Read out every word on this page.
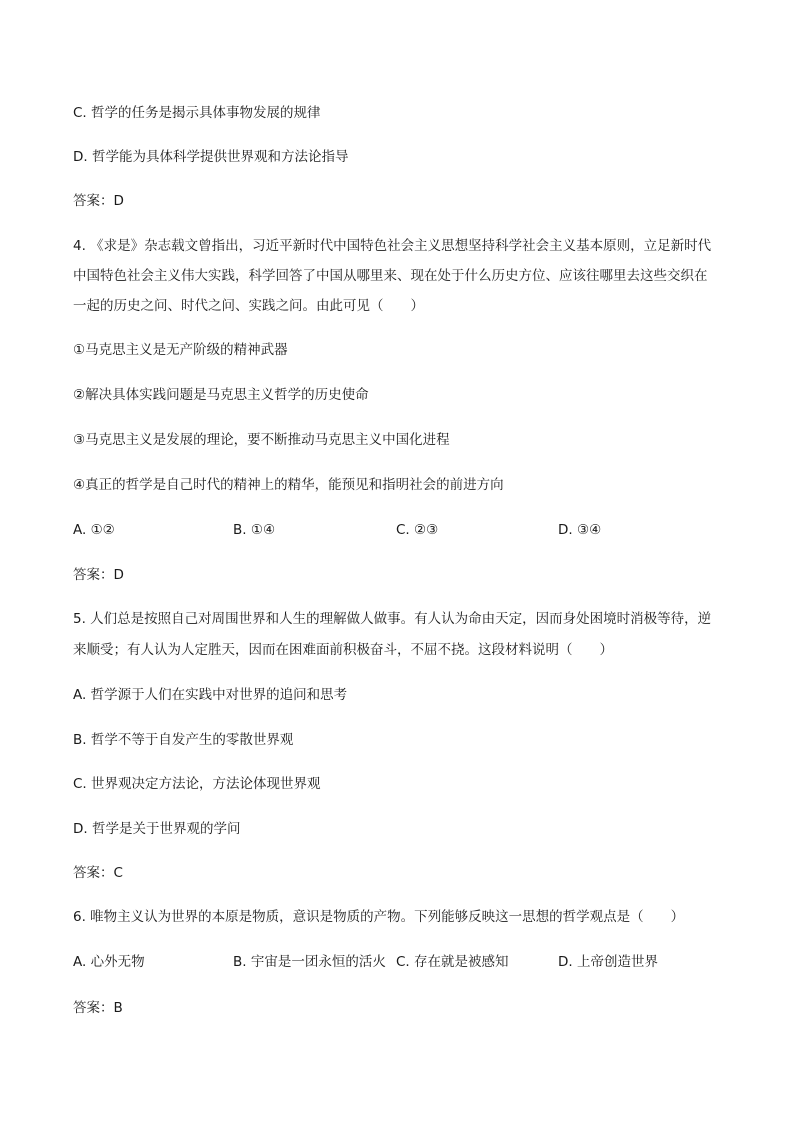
C. 哲学的任务是揭示具体事物发展的规律
D. 哲学能为具体科学提供世界观和方法论指导
答案：D
4. 《求是》杂志载文曾指出，习近平新时代中国特色社会主义思想坚持科学社会主义基本原则，立足新时代
中国特色社会主义伟大实践，科学回答了中国从哪里来、现在处于什么历史方位、应该往哪里去这些交织在
一起的历史之问、时代之问、实践之问。由此可见（　　）
①马克思主义是无产阶级的精神武器
②解决具体实践问题是马克思主义哲学的历史使命
③马克思主义是发展的理论，要不断推动马克思主义中国化进程
④真正的哲学是自己时代的精神上的精华，能预见和指明社会的前进方向
A. ①②	B. ①④	C. ②③	D. ③④
答案：D
5. 人们总是按照自己对周围世界和人生的理解做人做事。有人认为命由天定，因而身处困境时消极等待，逆
来顺受；有人认为人定胜天，因而在困难面前积极奋斗，不屈不挠。这段材料说明（　　）
A. 哲学源于人们在实践中对世界的追问和思考
B. 哲学不等于自发产生的零散世界观
C. 世界观决定方法论，方法论体现世界观
D. 哲学是关于世界观的学问
答案：C
6. 唯物主义认为世界的本原是物质，意识是物质的产物。下列能够反映这一思想的哲学观点是（　　）
A. 心外无物	B. 宇宙是一团永恒的活火 C. 存在就是被感知	D. 上帝创造世界
答案：B
